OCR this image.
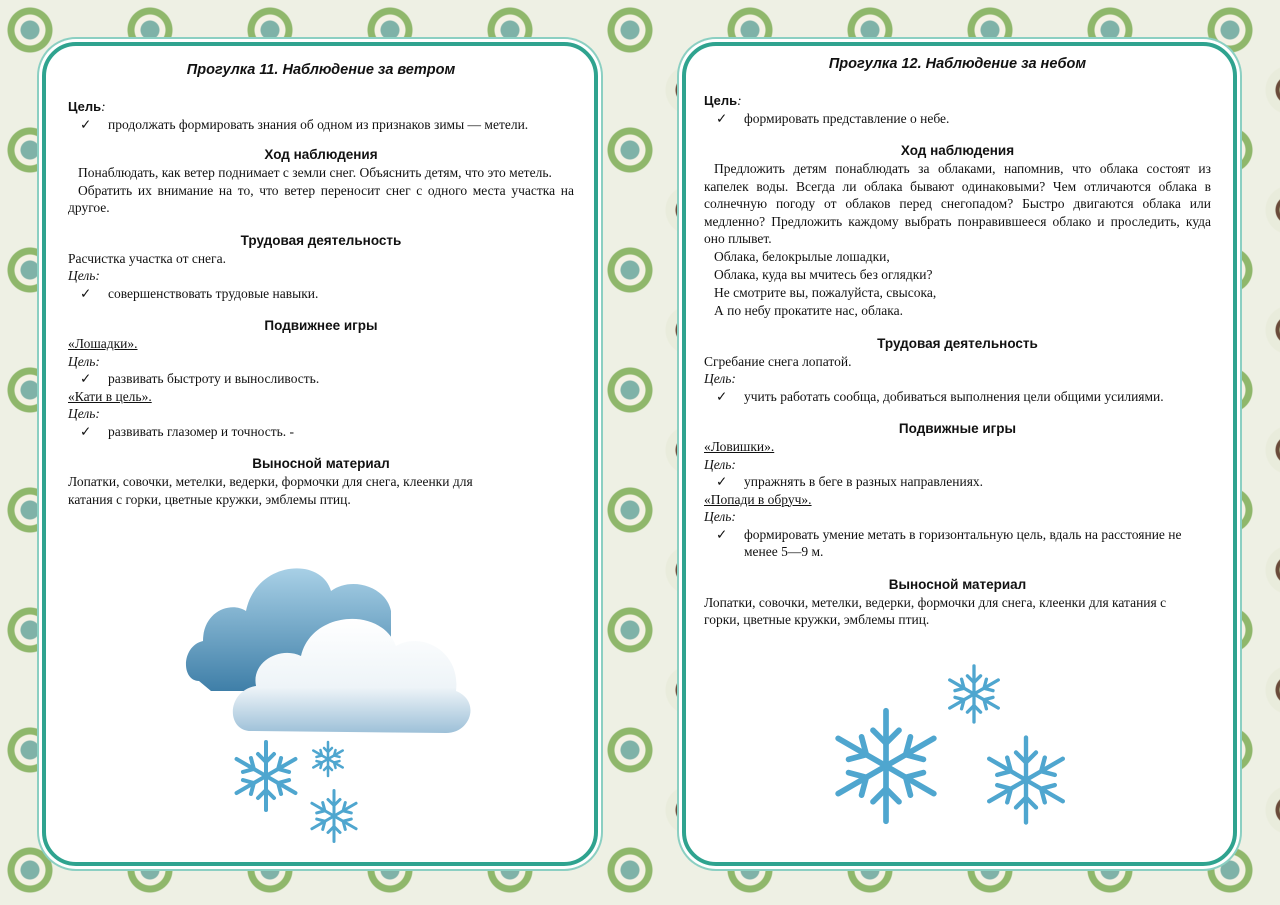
Прогулка 11. Наблюдение за ветром
Цель:
✓	продолжать формировать знания об одном из признаков зимы — метели.
Ход наблюдения

Понаблюдать, как ветер поднимает с земли снег. Объяснить детям, что это метель.

Обратить их внимание на то, что ветер переносит снег с одного места участка на другое.

Трудовая деятельность

Расчистка участка от снега.

Цель:
✓	совершенствовать трудовые навыки.
Подвижнее игры
«Лошадки».
Цель:
✓	развивать быстроту и выносливость.
«Кати в цель».
Цель:
✓	развивать глазомер и точность. -
Выносной материал

Лопатки, совочки, метелки, ведерки, формочки для снега, клеенки для катания с горки, цветные кружки, эмблемы птиц.

Прогулка 12. Наблюдение за небом
Цель:
✓	формировать представление о небе.
Ход наблюдения

Предложить детям понаблюдать за облаками, напомнив, что облака состоят из капелек воды. Всегда ли облака бывают одинаковыми? Чем отличаются облака в солнечную погоду от облаков перед снегопадом? Быстро двигаются облака или медленно? Предложить каждому выбрать понравившееся облако и проследить, куда оно плывет.

Облака, белокрылые лошадки,
Облака, куда вы мчитесь без оглядки?
Не смотрите вы, пожалуйста, свысока,
А по небу прокатите нас, облака.
Трудовая деятельность

Сгребание снега лопатой.

Цель:
✓	учить работать сообща, добиваться выполнения цели общими усилиями.
Подвижные игры
«Ловишки».
Цель:
✓	упражнять в беге в разных направлениях.
«Попади в обруч».
Цель:
✓	формировать умение метать в горизонтальную цель, вдаль на расстояние не менее 5—9 м.
Выносной материал

Лопатки, совочки, метелки, ведерки, формочки для снега, клеенки для катания с горки, цветные кружки, эмблемы птиц.
